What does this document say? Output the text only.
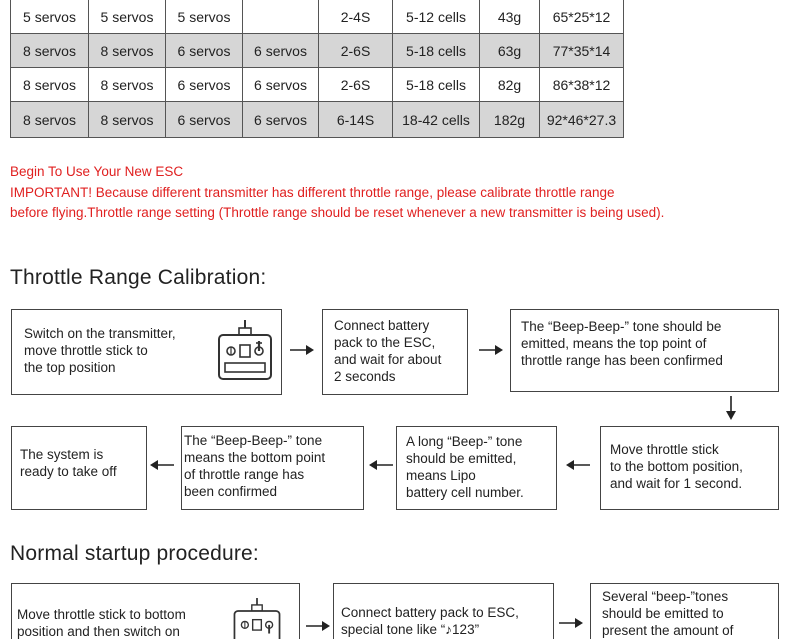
5 servos	5 servos	5 servos		2-4S	5-12 cells	43g	65*25*12
8 servos	8 servos	6 servos	6 servos	2-6S	5-18 cells	63g	77*35*14
8 servos	8 servos	6 servos	6 servos	2-6S	5-18 cells	82g	86*38*12
8 servos	8 servos	6 servos	6 servos	6-14S	18-42 cells	182g	92*46*27.3
Begin To Use Your New ESC
IMPORTANT! Because different transmitter has different throttle range, please calibrate throttle range
before flying.Throttle range setting (Throttle range should be reset whenever a new transmitter is being used).
Throttle Range Calibration:
Switch on the transmitter,
move throttle stick to
the top position
Connect battery
pack to the ESC,
and wait for about
2 seconds
The “Beep-Beep-” tone should be
emitted, means the top point of
throttle range has been confirmed
Move throttle stick
to the bottom position,
and wait for 1 second.
A long “Beep-” tone
should be emitted,
means Lipo
battery cell number.
The “Beep-Beep-” tone
means the bottom point
of throttle range has
been confirmed
The system is
ready to take off
Normal startup procedure:
Move throttle stick to bottom
position and then switch on
Connect battery pack to ESC,
special tone like “♪123”
Several “beep-”tones
should be emitted to
present the amount of
